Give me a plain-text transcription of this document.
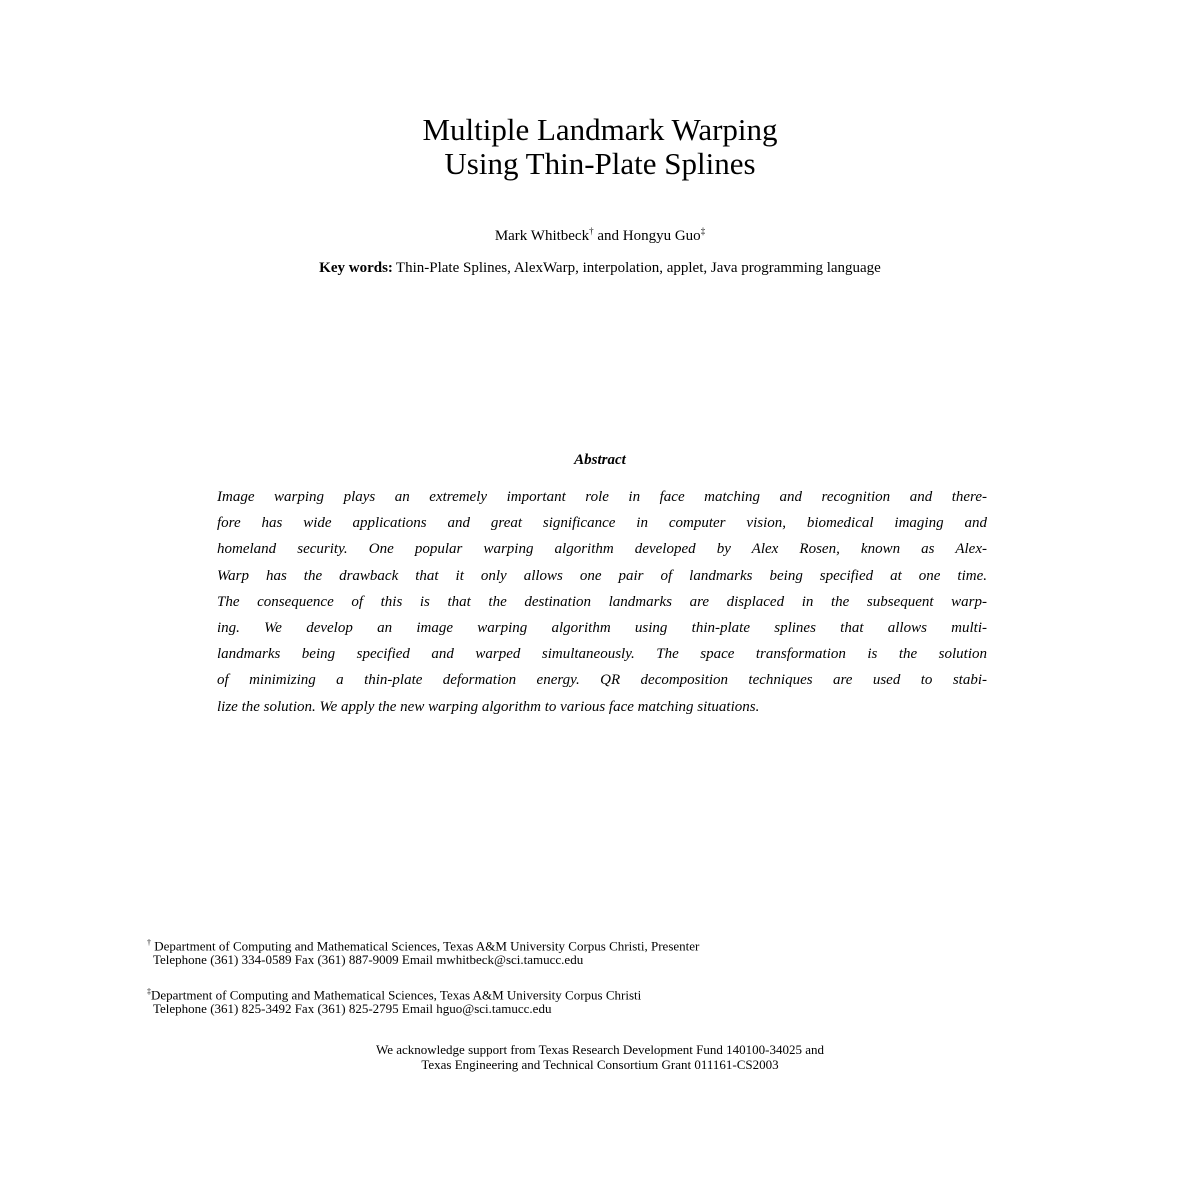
Multiple Landmark Warping
Using Thin-Plate Splines
Mark Whitbeck† and Hongyu Guo‡
Key words: Thin-Plate Splines, AlexWarp, interpolation, applet, Java programming language
Abstract
Image warping plays an extremely important role in face matching and recognition and there-
fore has wide applications and great significance in computer vision, biomedical imaging and
homeland security. One popular warping algorithm developed by Alex Rosen, known as Alex-
Warp has the drawback that it only allows one pair of landmarks being specified at one time.
The consequence of this is that the destination landmarks are displaced in the subsequent warp-
ing. We develop an image warping algorithm using thin-plate splines that allows multi-
landmarks being specified and warped simultaneously. The space transformation is the solution
of minimizing a thin-plate deformation energy. QR decomposition techniques are used to stabi-
lize the solution. We apply the new warping algorithm to various face matching situations.
† Department of Computing and Mathematical Sciences, Texas A&M University Corpus Christi, Presenter
Telephone (361) 334-0589 Fax (361) 887-9009 Email mwhitbeck@sci.tamucc.edu
‡Department of Computing and Mathematical Sciences, Texas A&M University Corpus Christi
Telephone (361) 825-3492 Fax (361) 825-2795 Email hguo@sci.tamucc.edu
We acknowledge support from Texas Research Development Fund 140100-34025 and
Texas Engineering and Technical Consortium Grant 011161-CS2003
